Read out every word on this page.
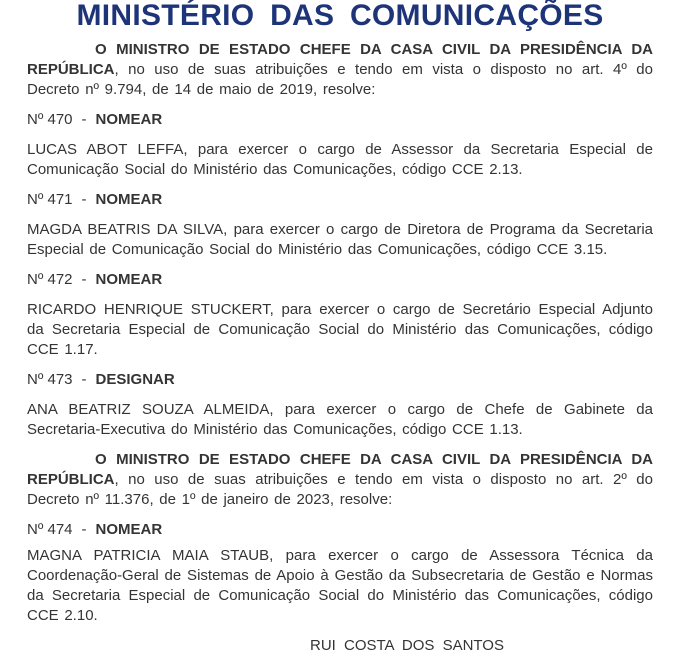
MINISTÉRIO DAS COMUNICAÇÕES

O MINISTRO DE ESTADO CHEFE DA CASA CIVIL DA PRESIDÊNCIA DA REPÚBLICA, no uso de suas atribuições e tendo em vista o disposto no art. 4º do Decreto nº 9.794, de 14 de maio de 2019, resolve:

Nº 470 - NOMEAR

LUCAS ABOT LEFFA, para exercer o cargo de Assessor da Secretaria Especial de Comunicação Social do Ministério das Comunicações, código CCE 2.13.

Nº 471 - NOMEAR

MAGDA BEATRIS DA SILVA, para exercer o cargo de Diretora de Programa da Secretaria Especial de Comunicação Social do Ministério das Comunicações, código CCE 3.15.

Nº 472 - NOMEAR

RICARDO HENRIQUE STUCKERT, para exercer o cargo de Secretário Especial Adjunto da Secretaria Especial de Comunicação Social do Ministério das Comunicações, código CCE 1.17.

Nº 473 - DESIGNAR

ANA BEATRIZ SOUZA ALMEIDA, para exercer o cargo de Chefe de Gabinete da Secretaria-Executiva do Ministério das Comunicações, código CCE 1.13.

O MINISTRO DE ESTADO CHEFE DA CASA CIVIL DA PRESIDÊNCIA DA REPÚBLICA, no uso de suas atribuições e tendo em vista o disposto no art. 2º do Decreto nº 11.376, de 1º de janeiro de 2023, resolve:

Nº 474 - NOMEAR

MAGNA PATRICIA MAIA STAUB, para exercer o cargo de Assessora Técnica da Coordenação-Geral de Sistemas de Apoio à Gestão da Subsecretaria de Gestão e Normas da Secretaria Especial de Comunicação Social do Ministério das Comunicações, código CCE 2.10.

RUI COSTA DOS SANTOS
